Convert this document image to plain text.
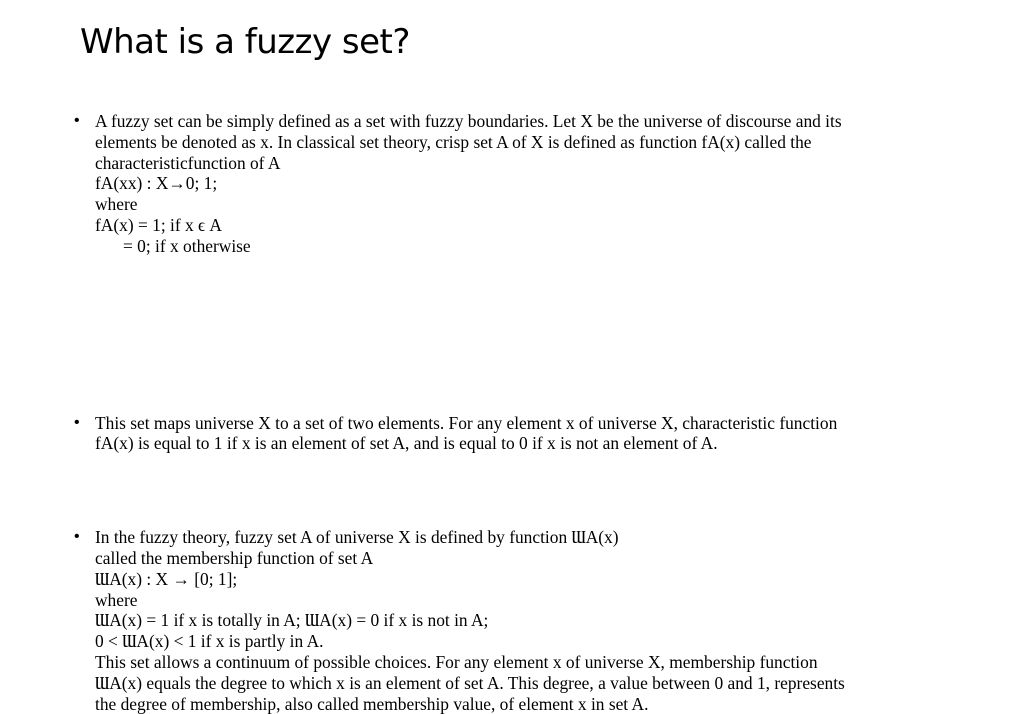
What is a fuzzy set?
• A fuzzy set can be simply defined as a set with fuzzy boundaries. Let X be the universe of discourse and its
elements be denoted as x. In classical set theory, crisp set A of X is defined as function fA(x) called the
characteristicfunction of A
fA(xx) : X→0; 1;
where
fA(x) = 1; if x ϵ A
= 0; if x otherwise
• This set maps universe X to a set of two elements. For any element x of universe X, characteristic function
fA(x) is equal to 1 if x is an element of set A, and is equal to 0 if x is not an element of A.
• In the fuzzy theory, fuzzy set A of universe X is defined by function ƜA(x)
called the membership function of set A
ƜA(x) : X → [0; 1];
where
ƜA(x) = 1 if x is totally in A; ƜA(x) = 0 if x is not in A;
0 < ƜA(x) < 1 if x is partly in A.
This set allows a continuum of possible choices. For any element x of universe X, membership function
ƜA(x) equals the degree to which x is an element of set A. This degree, a value between 0 and 1, represents
the degree of membership, also called membership value, of element x in set A.
